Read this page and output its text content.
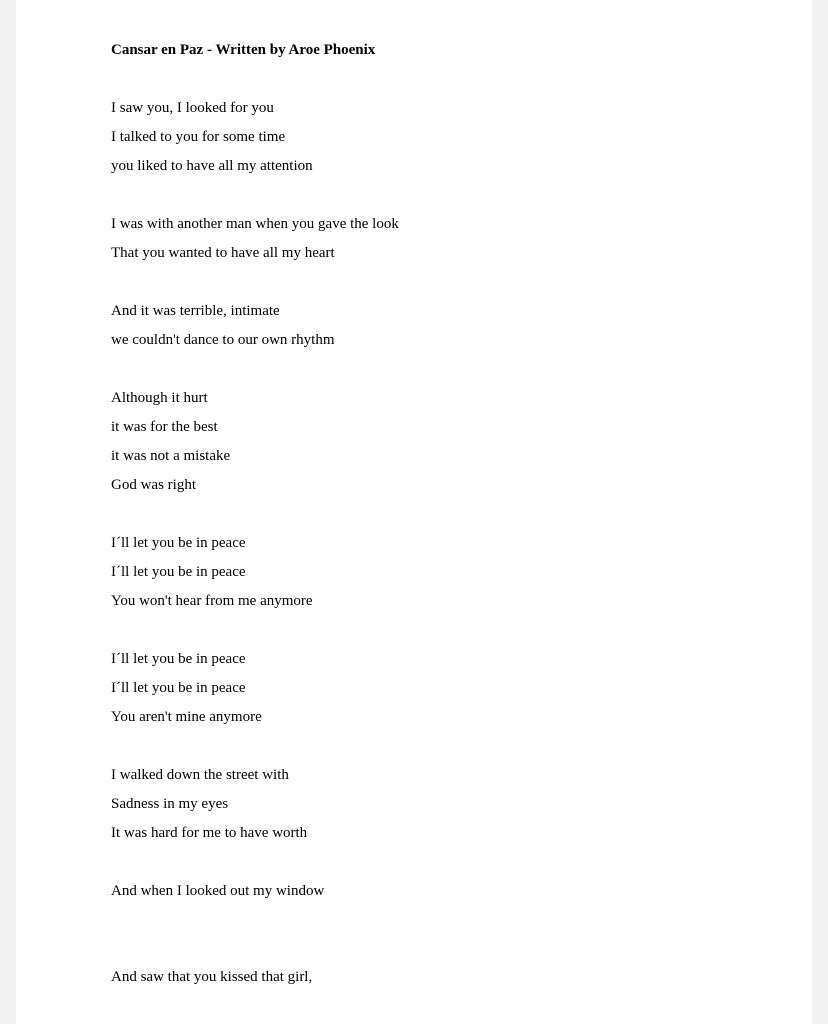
Cansar en Paz - Written by Aroe Phoenix
I saw you, I looked for you
I talked to you for some time
you liked to have all my attention
I was with another man when you gave the look
That you wanted to have all my heart
And it was terrible, intimate
we couldn't dance to our own rhythm
Although it hurt
it was for the best
it was not a mistake
God was right
I´ll let you be in peace
I´ll let you be in peace
You won't hear from me anymore
I´ll let you be in peace
I´ll let you be in peace
You aren't mine anymore
I walked down the street with
Sadness in my eyes
It was hard for me to have worth
And when I looked out my window
And saw that you kissed that girl,
